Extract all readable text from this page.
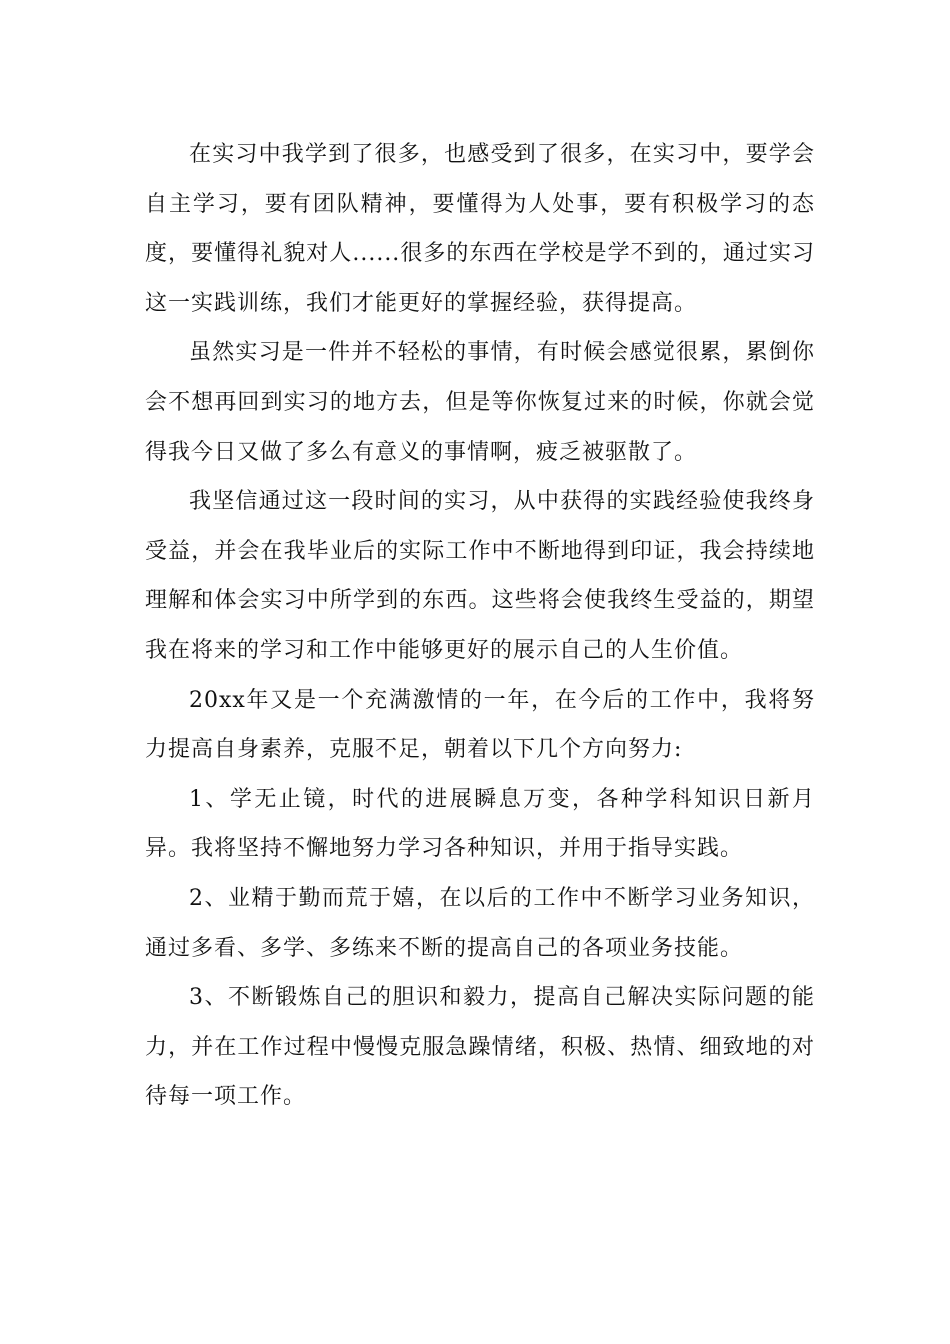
在实习中我学到了很多，也感受到了很多，在实习中，要学会自主学习，要有团队精神，要懂得为人处事，要有积极学习的态度，要懂得礼貌对人......很多的东西在学校是学不到的，通过实习这一实践训练，我们才能更好的掌握经验，获得提高。

虽然实习是一件并不轻松的事情，有时候会感觉很累，累倒你会不想再回到实习的地方去，但是等你恢复过来的时候，你就会觉得我今日又做了多么有意义的事情啊，疲乏被驱散了。

我坚信通过这一段时间的实习，从中获得的实践经验使我终身受益，并会在我毕业后的实际工作中不断地得到印证，我会持续地理解和体会实习中所学到的东西。这些将会使我终生受益的，期望我在将来的学习和工作中能够更好的展示自己的人生价值。

20xx年又是一个充满激情的一年，在今后的工作中，我将努力提高自身素养，克服不足，朝着以下几个方向努力:

1、学无止镜，时代的进展瞬息万变，各种学科知识日新月异。我将坚持不懈地努力学习各种知识，并用于指导实践。

2、业精于勤而荒于嬉，在以后的工作中不断学习业务知识，通过多看、多学、多练来不断的提高自己的各项业务技能。

3、不断锻炼自己的胆识和毅力，提高自己解决实际问题的能力，并在工作过程中慢慢克服急躁情绪，积极、热情、细致地的对待每一项工作。
